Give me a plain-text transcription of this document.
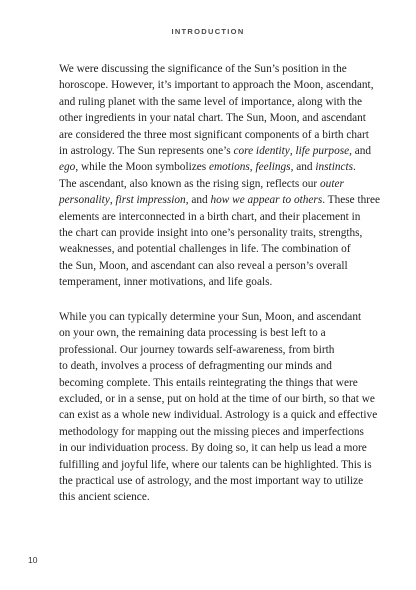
INTRODUCTION
We were discussing the significance of the Sun’s position in the
horoscope. However, it’s important to approach the Moon, ascendant,
and ruling planet with the same level of importance, along with the
other ingredients in your natal chart. The Sun, Moon, and ascendant
are considered the three most significant components of a birth chart
in astrology. The Sun represents one’s core identity, life purpose, and
ego, while the Moon symbolizes emotions, feelings, and instincts.
The ascendant, also known as the rising sign, reflects our outer
personality, first impression, and how we appear to others. These three
elements are interconnected in a birth chart, and their placement in
the chart can provide insight into one’s personality traits, strengths,
weaknesses, and potential challenges in life. The combination of
the Sun, Moon, and ascendant can also reveal a person’s overall
temperament, inner motivations, and life goals.
While you can typically determine your Sun, Moon, and ascendant
on your own, the remaining data processing is best left to a
professional. Our journey towards self-awareness, from birth
to death, involves a process of defragmenting our minds and
becoming complete. This entails reintegrating the things that were
excluded, or in a sense, put on hold at the time of our birth, so that we
can exist as a whole new individual. Astrology is a quick and effective
methodology for mapping out the missing pieces and imperfections
in our individuation process. By doing so, it can help us lead a more
fulfilling and joyful life, where our talents can be highlighted. This is
the practical use of astrology, and the most important way to utilize
this ancient science.
10
